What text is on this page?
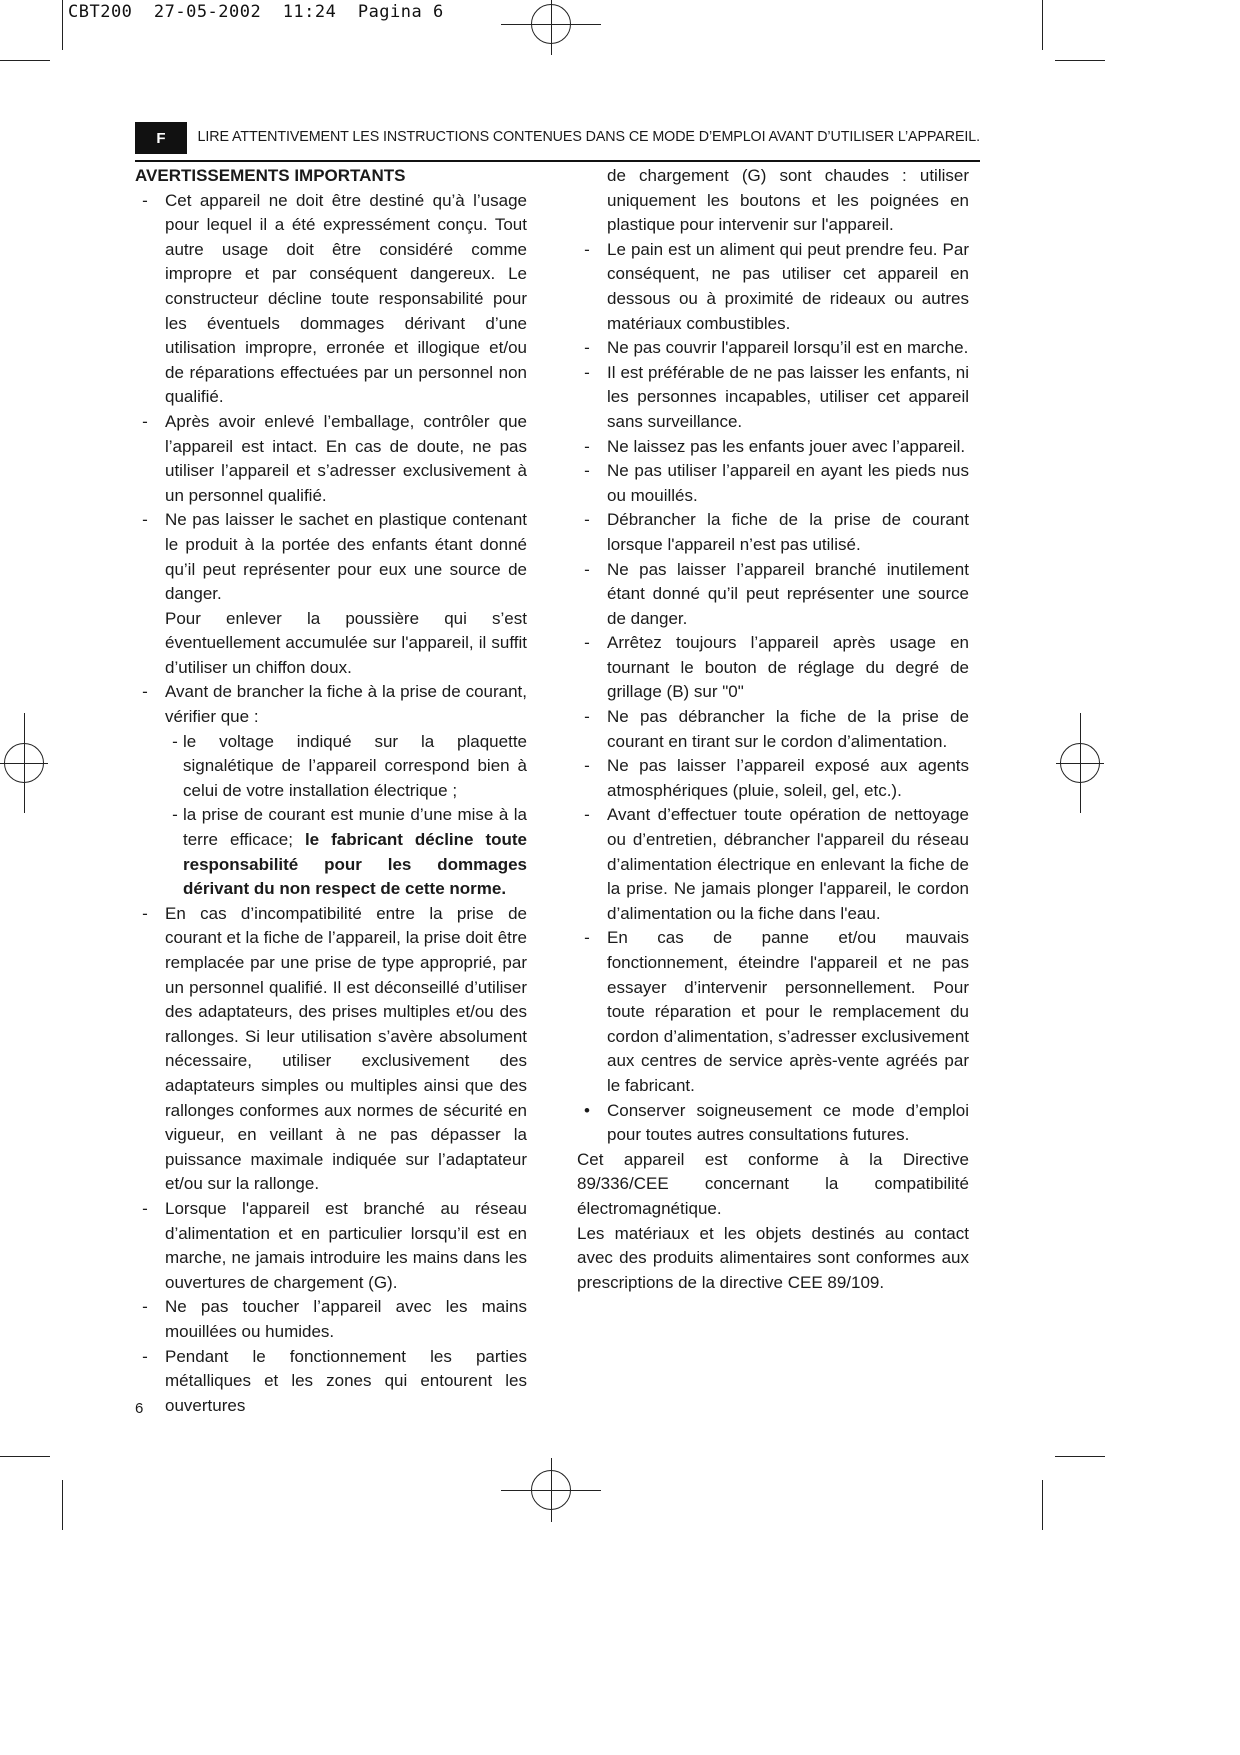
CBT200  27-05-2002  11:24  Pagina 6
F	LIRE ATTENTIVEMENT LES INSTRUCTIONS CONTENUES DANS CE MODE D’EMPLOI AVANT D’UTILISER L’APPAREIL.
AVERTISSEMENTS IMPORTANTS
-	Cet appareil ne doit être destiné qu’à l’usage pour lequel il a été expressément conçu. Tout autre usage doit être considéré comme impropre et par conséquent dangereux. Le constructeur décline toute responsabilité pour les éventuels dommages dérivant d’une utilisation impropre, erronée et illogique et/ou de réparations effectuées par un personnel non qualifié.

-	Après avoir enlevé l’emballage, contrôler que l’appareil est intact. En cas de doute, ne pas utiliser l’appareil et s’adresser exclusivement à un personnel qualifié.

-	Ne pas laisser le sachet en plastique contenant le produit à la portée des enfants étant donné qu’il peut représenter pour eux une source de danger.

Pour enlever la poussière qui s’est éventuellement accumulée sur l'appareil, il suffit d’utiliser un chiffon doux.

-	Avant de brancher la fiche à la prise de courant, vérifier que :

- le voltage indiqué sur la plaquette signalétique de l’appareil correspond bien à celui de votre installation électrique ;

- la prise de courant est munie d’une mise à la terre efficace; le fabricant décline toute responsabilité pour les dommages dérivant du non respect de cette norme.

-	En cas d’incompatibilité entre la prise de courant et la fiche de l’appareil, la prise doit être remplacée par une prise de type approprié, par un personnel qualifié. Il est déconseillé d’utiliser des adaptateurs, des prises multiples et/ou des rallonges. Si leur utilisation s’avère absolument nécessaire, utiliser exclusivement des adaptateurs simples ou multiples ainsi que des rallonges conformes aux normes de sécurité en vigueur, en veillant à ne pas dépasser la puissance maximale indiquée sur l’adaptateur et/ou sur la rallonge.

-	Lorsque l'appareil est branché au réseau d’alimentation et en particulier lorsqu’il est en marche, ne jamais introduire les mains dans les ouvertures de chargement (G).

-	Ne pas toucher l’appareil avec les mains mouillées ou humides.

-	Pendant le fonctionnement les parties métalliques et les zones qui entourent les ouvertures

de chargement (G) sont chaudes : utiliser uniquement les boutons et les poignées en plastique pour intervenir sur l'appareil.

-	Le pain est un aliment qui peut prendre feu. Par conséquent, ne pas utiliser cet appareil en dessous ou à proximité de rideaux ou autres matériaux combustibles.

-	Ne pas couvrir l'appareil lorsqu’il est en marche.

-	Il est préférable de ne pas laisser les enfants, ni les personnes incapables, utiliser cet appareil sans surveillance.

-	Ne laissez pas les enfants jouer avec l’appareil.

-	Ne pas utiliser l’appareil en ayant les pieds nus ou mouillés.

-	Débrancher la fiche de la prise de courant lorsque l'appareil n’est pas utilisé.

-	Ne pas laisser l’appareil branché inutilement étant donné qu’il peut représenter une source de danger.

-	Arrêtez toujours l’appareil après usage en tournant le bouton de réglage du degré de grillage (B) sur "0"

-	Ne pas débrancher la fiche de la prise de courant en tirant sur le cordon d’alimentation.

-	Ne pas laisser l’appareil exposé aux agents atmosphériques (pluie, soleil, gel, etc.).

-	Avant d’effectuer toute opération de nettoyage ou d’entretien, débrancher l'appareil du réseau d’alimentation électrique en enlevant la fiche de la prise. Ne jamais plonger l'appareil, le cordon d’alimentation ou la fiche dans l'eau.

-	En cas de panne et/ou mauvais fonctionnement, éteindre l'appareil et ne pas essayer d’intervenir personnellement. Pour toute réparation et pour le remplacement du cordon d’alimentation, s’adresser exclusivement aux centres de service après-vente agréés par le fabricant.

•	Conserver soigneusement ce mode d’emploi pour toutes autres consultations futures.

Cet appareil est conforme à la Directive 89/336/CEE concernant la compatibilité électromagnétique.
Les matériaux et les objets destinés au contact avec des produits alimentaires sont conformes aux prescriptions de la directive CEE 89/109.
6
